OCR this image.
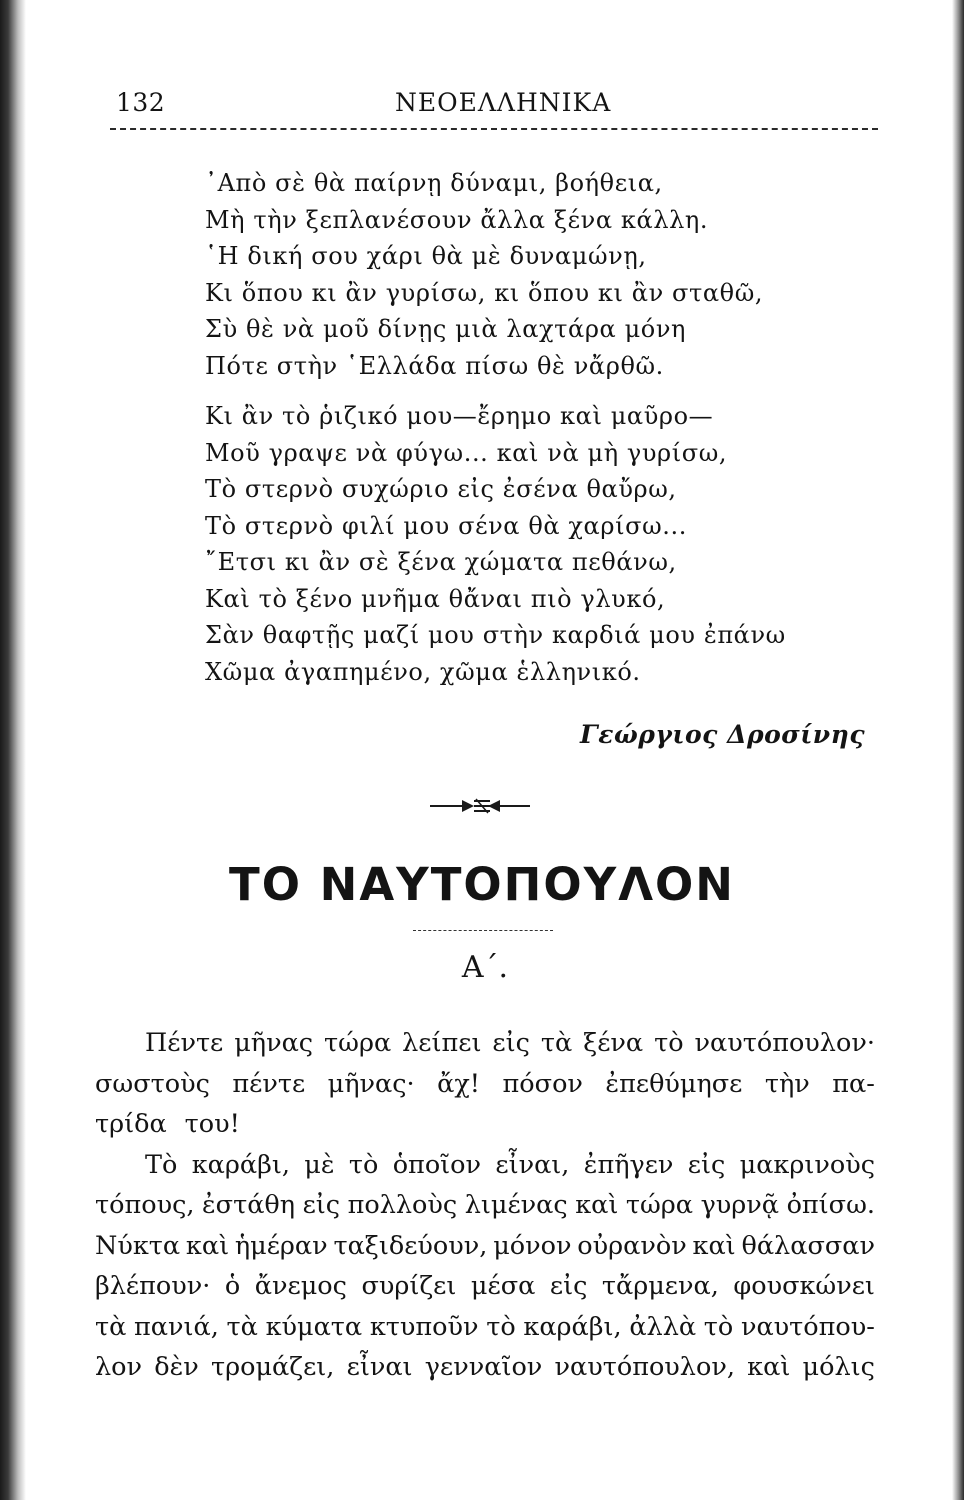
132	ΝΕΟΕΛΛΗΝΙΚΑ
᾿Απὸ σὲ θὰ παίρνῃ δύναμι, βοήθεια,
Μὴ τὴν ξεπλανέσουν ἄλλα ξένα κάλλη.
῾Η δική σου χάρι θὰ μὲ δυναμώνῃ,
Κι ὅπου κι ἂν γυρίσω, κι ὅπου κι ἂν σταθῶ,
Σὺ θὲ νὰ μοῦ δίνῃς μιὰ λαχτάρα μόνη
Πότε στὴν ῾Ελλάδα πίσω θὲ νἄρθῶ.
Κι ἂν τὸ ῥιζικό μου—ἔρημο καὶ μαῦρο—
Μοῦ γραψε νὰ φύγω... καὶ νὰ μὴ γυρίσω,
Τὸ στερνὸ συχώριο εἰς ἐσένα θαὔρω,
Τὸ στερνὸ φιλί μου σένα θὰ χαρίσω...
῎Ετσι κι ἂν σὲ ξένα χώματα πεθάνω,
Καὶ τὸ ξένο μνῆμα θἄναι πιὸ γλυκό,
Σὰν θαφτῇς μαζί μου στὴν καρδιά μου ἐπάνω
Χῶμα ἀγαπημένο, χῶμα ἑλληνικό.
Γεώργιος Δροσίνης
ΤΟ ΝΑΥΤΟΠΟΥΛΟΝ
Α΄.
Πέντε μῆνας τώρα λείπει εἰς τὰ ξένα τὸ ναυτόπουλον·
σωστοὺς πέντε μῆνας· ἄχ! πόσον ἐπεθύμησε τὴν πα-
τρίδα του!
Τὸ καράβι, μὲ τὸ ὁποῖον εἶναι, ἐπῆγεν εἰς μακρινοὺς
τόπους, ἐστάθη εἰς πολλοὺς λιμένας καὶ τώρα γυρνᾷ ὀπίσω.
Νύκτα καὶ ἡμέραν ταξιδεύουν, μόνον οὐρανὸν καὶ θάλασσαν
βλέπουν· ὁ ἄνεμος συρίζει μέσα εἰς τἄρμενα, φουσκώνει
τὰ πανιά, τὰ κύματα κτυποῦν τὸ καράβι, ἀλλὰ τὸ ναυτόπου-
λον δὲν τρομάζει, εἶναι γενναῖον ναυτόπουλον, καὶ μόλις
